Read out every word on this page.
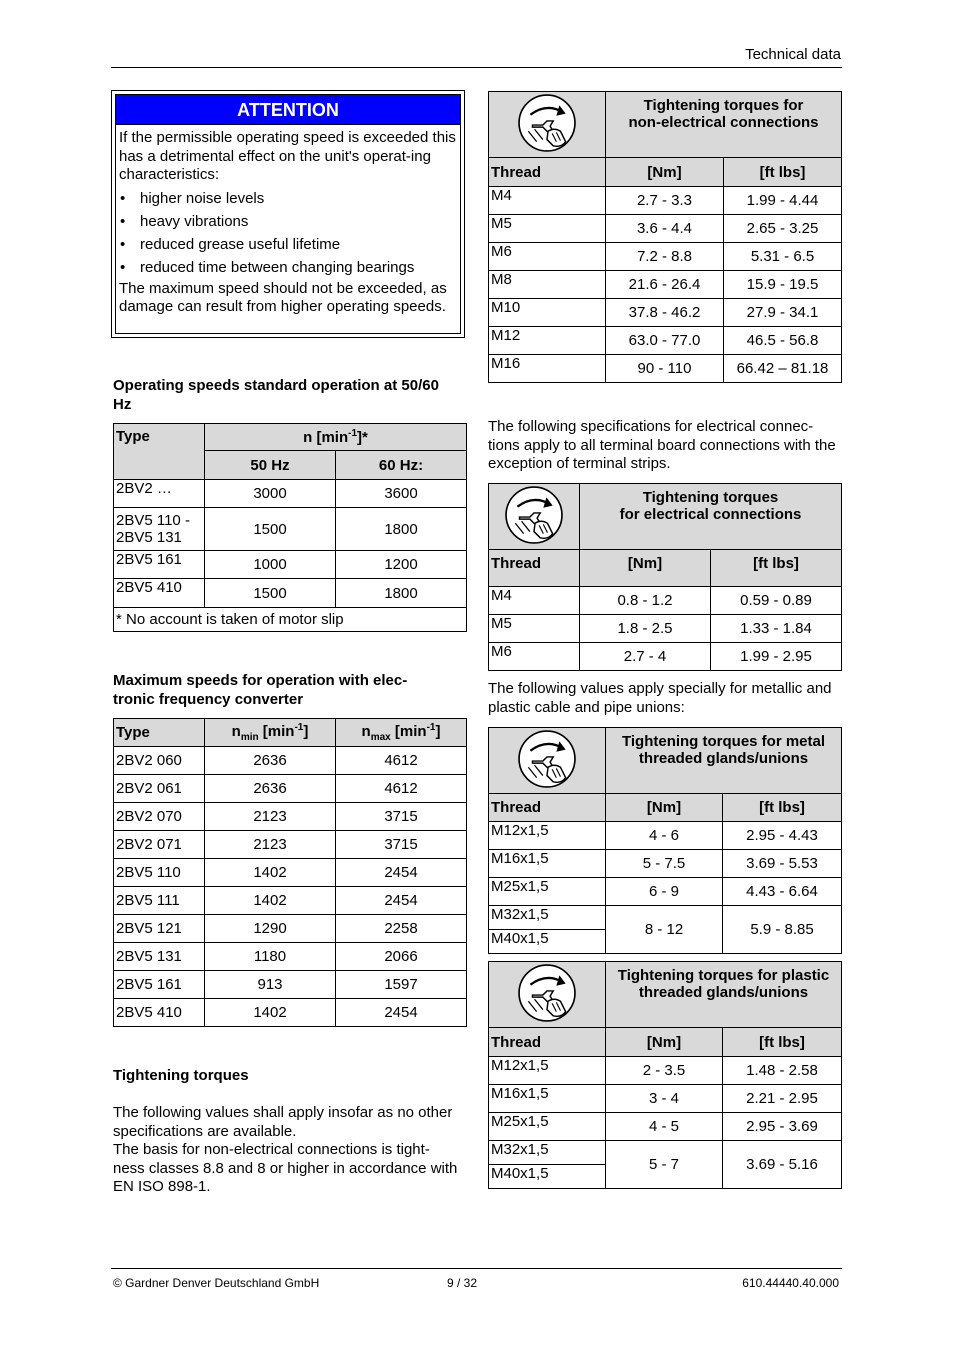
Technical data
ATTENTION
If the permissible operating speed is exceeded this has a detrimental effect on the unit's operat-ing characteristics:
• higher noise levels
• heavy vibrations
• reduced grease useful lifetime
• reduced time between changing bearings
The maximum speed should not be exceeded, as damage can result from higher operating speeds.
Operating speeds standard operation at 50/60 Hz
Type	n $[\min^{-1}]*$	
	50 Hz	60 Hz:
2BV2 …	3000	3600
2BV5 110 - 2BV5 131	1500	1800
2BV5 161	1000	1200
2BV5 410	1500	1800
* No account is taken of motor slip		
Maximum speeds for operation with elec-tronic frequency converter
Type	$n_{min}$ $[\min^{-1}]$	$n_{max}$ $[\min^{-1}]$
2BV2 060	2636	4612
2BV2 061	2636	4612
2BV2 070	2123	3715
2BV2 071	2123	3715
2BV5 110	1402	2454
2BV5 111	1402	2454
2BV5 121	1290	2258
2BV5 131	1180	2066
2BV5 161	913	1597
2BV5 410	1402	2454
Tightening torques
The following values shall apply insofar as no other specifications are available.
The basis for non-electrical connections is tight-ness classes 8.8 and 8 or higher in accordance with EN ISO 898-1.

Tightening torques for
non-electrical connections	

Thread	[Nm]	[ft lbs]
M4	2.7 - 3.3	1.99 - 4.44
M5	3.6 - 4.4	2.65 - 3.25
M6	7.2 - 8.8	5.31 - 6.5
M8	21.6 - 26.4	15.9 - 19.5
M10	37.8 - 46.2	27.9 - 34.1
M12	63.0 - 77.0	46.5 - 56.8
M16	90 - 110	66.42 – 81.18
The following specifications for electrical connec-tions apply to all terminal board connections with the exception of terminal strips.

Tightening torques
for electrical connections	

Thread	[Nm]	[ft lbs]
M4	0.8 - 1.2	0.59 - 0.89
M5	1.8 - 2.5	1.33 - 1.84
M6	2.7 - 4	1.99 - 2.95
The following values apply specially for metallic and plastic cable and pipe unions:

Tightening torques for metal
threaded glands/unions	

Thread	[Nm]	[ft lbs]
M12x1,5	4 - 6	2.95 - 4.43
M16x1,5	5 - 7.5	3.69 - 5.53
M25x1,5	6 - 9	4.43 - 6.64
M32x1,5	8 - 12	5.9 - 8.85
M40x1,5		

Tightening torques for plastic
threaded glands/unions	

Thread	[Nm]	[ft lbs]
M12x1,5	2 - 3.5	1.48 - 2.58
M16x1,5	3 - 4	2.21 - 2.95
M25x1,5	4 - 5	2.95 - 3.69
M32x1,5	5 - 7	3.69 - 5.16
M40x1,5		
© Gardner Denver Deutschland GmbH	9 / 32	610.44440.40.000
